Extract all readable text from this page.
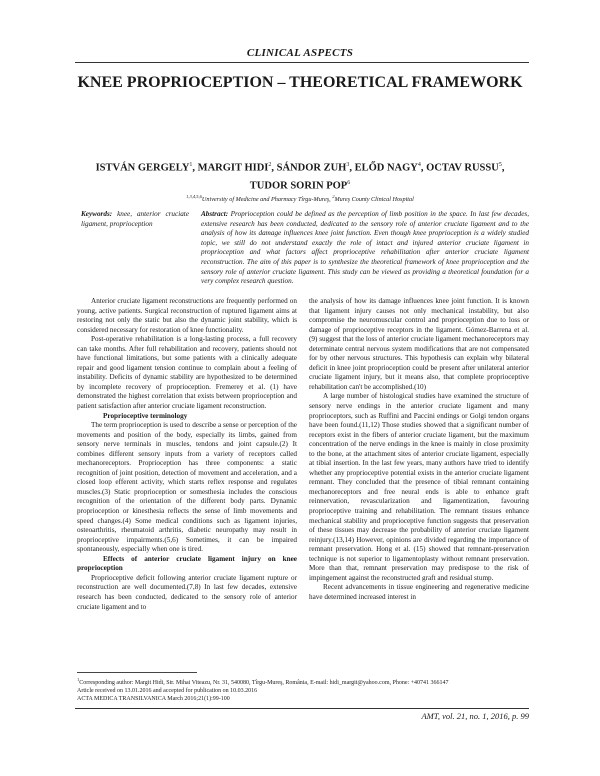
CLINICAL ASPECTS
KNEE PROPRIOCEPTION – THEORETICAL FRAMEWORK
ISTVÁN GERGELY$^1$, MARGIT HIDI$^2$, SÁNDOR ZUH$^3$, ELŐD NAGY$^4$, OCTAV RUSSU$^5$,
TUDOR SORIN POP$^6$
$^{1,3,4,5,6}$University of Medicine and Pharmacy Tîrgu-Mureş, $^2$Mureş County Clinical Hospital
Keywords: knee, anterior cruciate ligament, proprioception
Abstract: Proprioception could be defined as the perception of limb position in the space. In last few decades, extensive research has been conducted, dedicated to the sensory role of anterior cruciate ligament and to the analysis of how its damage influences knee joint function. Even though knee proprioception is a widely studied topic, we still do not understand exactly the role of intact and injured anterior cruciate ligament in proprioception and what factors affect proprioceptive rehabilitation after anterior cruciate ligament reconstruction. The aim of this paper is to synthesize the theoretical framework of knee proprioception and the sensory role of anterior cruciate ligament. This study can be viewed as providing a theoretical foundation for a very complex research question.

Anterior cruciate ligament reconstructions are frequently performed on young, active patients. Surgical reconstruction of ruptured ligament aims at restoring not only the static but also the dynamic joint stability, which is considered necessary for restoration of knee functionality.

Post-operative rehabilitation is a long-lasting process, a full recovery can take months. After full rehabilitation and recovery, patients should not have functional limitations, but some patients with a clinically adequate repair and good ligament tension continue to complain about a feeling of instability. Deficits of dynamic stability are hypothesized to be determined by incomplete recovery of proprioception. Fremerey et al. (1) have demonstrated the highest correlation that exists between proprioception and patient satisfaction after anterior cruciate ligament reconstruction.

Proprioceptive terminology

The term proprioception is used to describe a sense or perception of the movements and position of the body, especially its limbs, gained from sensory nerve terminals in muscles, tendons and joint capsule.(2) It combines different sensory inputs from a variety of receptors called mechanoreceptors. Proprioception has three components: a static recognition of joint position, detection of movement and acceleration, and a closed loop efferent activity, which starts reflex response and regulates muscles.(3) Static proprioception or somesthesia includes the conscious recognition of the orientation of the different body parts. Dynamic proprioception or kinesthesia reflects the sense of limb movements and speed changes.(4) Some medical conditions such as ligament injuries, osteoarthritis, rheumatoid arthritis, diabetic neuropathy may result in proprioceptive impairments.(5,6) Sometimes, it can be impaired spontaneously, especially when one is tired.

Effects of anterior cruciate ligament injury on knee proprioception

Proprioceptive deficit following anterior cruciate ligament rupture or reconstruction are well documented.(7,8) In last few decades, extensive research has been conducted, dedicated to the sensory role of anterior cruciate ligament and to

the analysis of how its damage influences knee joint function. It is known that ligament injury causes not only mechanical instability, but also compromise the neuromuscular control and proprioception due to loss or damage of proprioceptive receptors in the ligament. Gómez-Barrena et al. (9) suggest that the loss of anterior cruciate ligament mechanoreceptors may determinate central nervous system modifications that are not compensated for by other nervous structures. This hypothesis can explain why bilateral deficit in knee joint proprioception could be present after unilateral anterior cruciate ligament injury, but it means also, that complete proprioceptive rehabilitation can't be accomplished.(10)

A large number of histological studies have examined the structure of sensory nerve endings in the anterior cruciate ligament and many proprioceptors, such as Ruffini and Paccini endings or Golgi tendon organs have been found.(11,12) Those studies showed that a significant number of receptors exist in the fibers of anterior cruciate ligament, but the maximum concentration of the nerve endings in the knee is mainly in close proximity to the bone, at the attachment sites of anterior cruciate ligament, especially at tibial insertion. In the last few years, many authors have tried to identify whether any proprioceptive potential exists in the anterior cruciate ligament remnant. They concluded that the presence of tibial remnant containing mechanoreceptors and free neural ends is able to enhance graft reinnervation, revascularization and ligamentization, favouring proprioceptive training and rehabilitation. The remnant tissues enhance mechanical stability and proprioceptive function suggests that preservation of these tissues may decrease the probability of anterior cruciate ligament reinjury.(13,14) However, opinions are divided regarding the importance of remnant preservation. Hong et al. (15) showed that remnant-preservation technique is not superior to ligamentoplasty without remnant preservation. More than that, remnant preservation may predispose to the risk of impingement against the reconstructed graft and residual stump.

Recent advancements in tissue engineering and regenerative medicine have determined increased interest in

$^1$Corresponding author: Margit Hidi, Str. Mihai Viteazu, Nr. 31, 540080, Tîrgu-Mureş, România, E-mail: hidi_margit@yahoo.com, Phone: +40741 366147

Article received on 13.01.2016 and accepted for publication on 10.03.2016

ACTA MEDICA TRANSILVANICA March 2016;21(1):99-100

AMT, vol. 21, no. 1, 2016, p. 99
